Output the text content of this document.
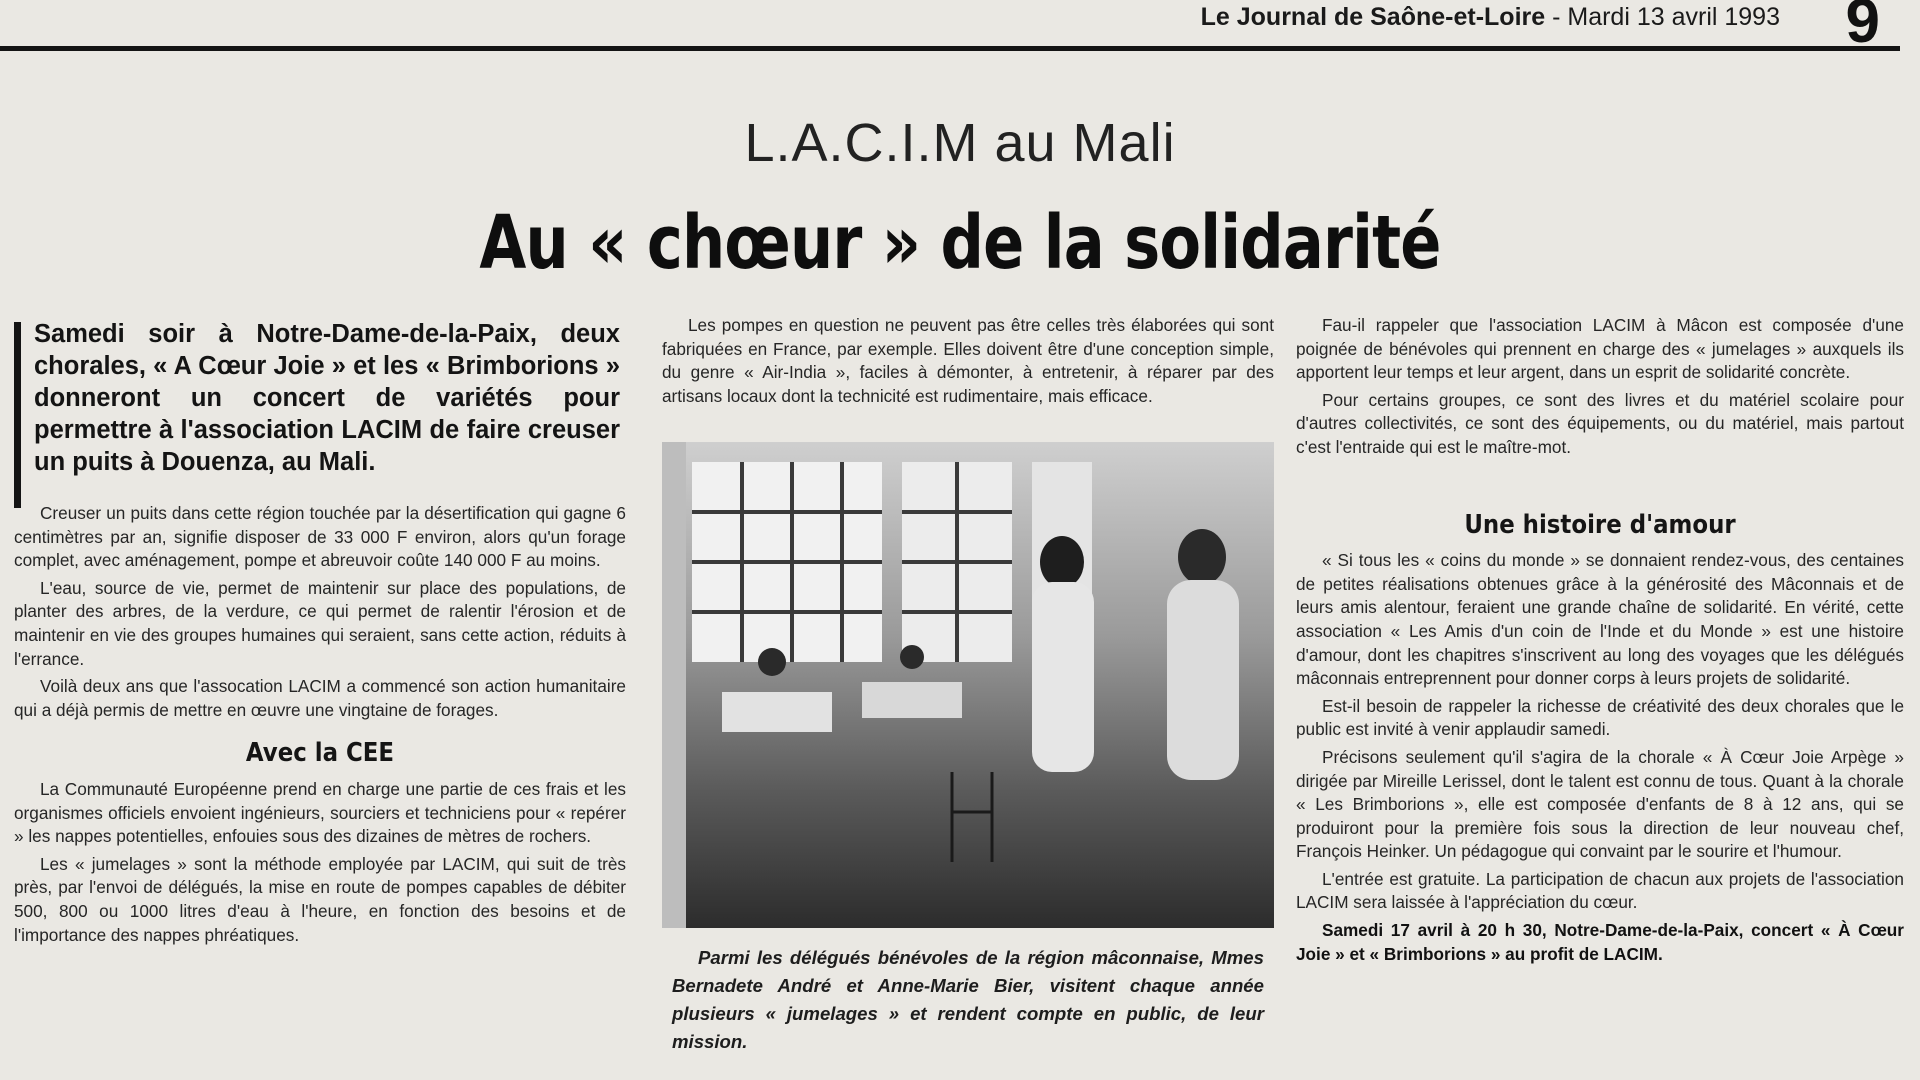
Le Journal de Saône-et-Loire - Mardi 13 avril 1993 9
L.A.C.I.M au Mali
Au « chœur » de la solidarité
Samedi soir à Notre-Dame-de-la-Paix, deux chorales, « A Cœur Joie » et les « Brimborions » donneront un concert de variétés pour permettre à l'association LACIM de faire creuser un puits à Douenza, au Mali.

Creuser un puits dans cette région touchée par la désertification qui gagne 6 centimètres par an, signifie disposer de 33 000 F environ, alors qu'un forage complet, avec aménagement, pompe et abreuvoir coûte 140 000 F au moins.

L'eau, source de vie, permet de maintenir sur place des populations, de planter des arbres, de la verdure, ce qui permet de ralentir l'érosion et de maintenir en vie des groupes humaines qui seraient, sans cette action, réduits à l'errance.

Voilà deux ans que l'assocation LACIM a commencé son action humanitaire qui a déjà permis de mettre en œuvre une vingtaine de forages.

Avec la CEE

La Communauté Européenne prend en charge une partie de ces frais et les organismes officiels envoient ingénieurs, sourciers et techniciens pour « repérer » les nappes potentielles, enfouies sous des dizaines de mètres de rochers.

Les « jumelages » sont la méthode employée par LACIM, qui suit de très près, par l'envoi de délégués, la mise en route de pompes capables de débiter 500, 800 ou 1000 litres d'eau à l'heure, en fonction des besoins et de l'importance des nappes phréatiques.

Les pompes en question ne peuvent pas être celles très élaborées qui sont fabriquées en France, par exemple. Elles doivent être d'une conception simple, du genre « Air-India », faciles à démonter, à entretenir, à réparer par des artisans locaux dont la technicité est rudimentaire, mais efficace.

Parmi les délégués bénévoles de la région mâconnaise, Mmes Bernadete André et Anne-Marie Bier, visitent chaque année plusieurs « jumelages » et rendent compte en public, de leur mission.

Fau-il rappeler que l'association LACIM à Mâcon est composée d'une poignée de bénévoles qui prennent en charge des « jumelages » auxquels ils apportent leur temps et leur argent, dans un esprit de solidarité concrète.

Pour certains groupes, ce sont des livres et du matériel scolaire pour d'autres collectivités, ce sont des équipements, ou du matériel, mais partout c'est l'entraide qui est le maître-mot.

Une histoire d'amour

« Si tous les « coins du monde » se donnaient rendez-vous, des centaines de petites réalisations obtenues grâce à la générosité des Mâconnais et de leurs amis alentour, feraient une grande chaîne de solidarité. En vérité, cette association « Les Amis d'un coin de l'Inde et du Monde » est une histoire d'amour, dont les chapitres s'inscrivent au long des voyages que les délégués mâconnais entreprennent pour donner corps à leurs projets de solidarité.

Est-il besoin de rappeler la richesse de créativité des deux chorales que le public est invité à venir applaudir samedi.

Précisons seulement qu'il s'agira de la chorale « À Cœur Joie Arpège » dirigée par Mireille Lerissel, dont le talent est connu de tous. Quant à la chorale « Les Brimborions », elle est composée d'enfants de 8 à 12 ans, qui se produiront pour la première fois sous la direction de leur nouveau chef, François Heinker. Un pédagogue qui convaint par le sourire et l'humour.

L'entrée est gratuite. La participation de chacun aux projets de l'association LACIM sera laissée à l'appréciation du cœur.

Samedi 17 avril à 20 h 30, Notre-Dame-de-la-Paix, concert « À Cœur Joie » et « Brimborions » au profit de LACIM.
